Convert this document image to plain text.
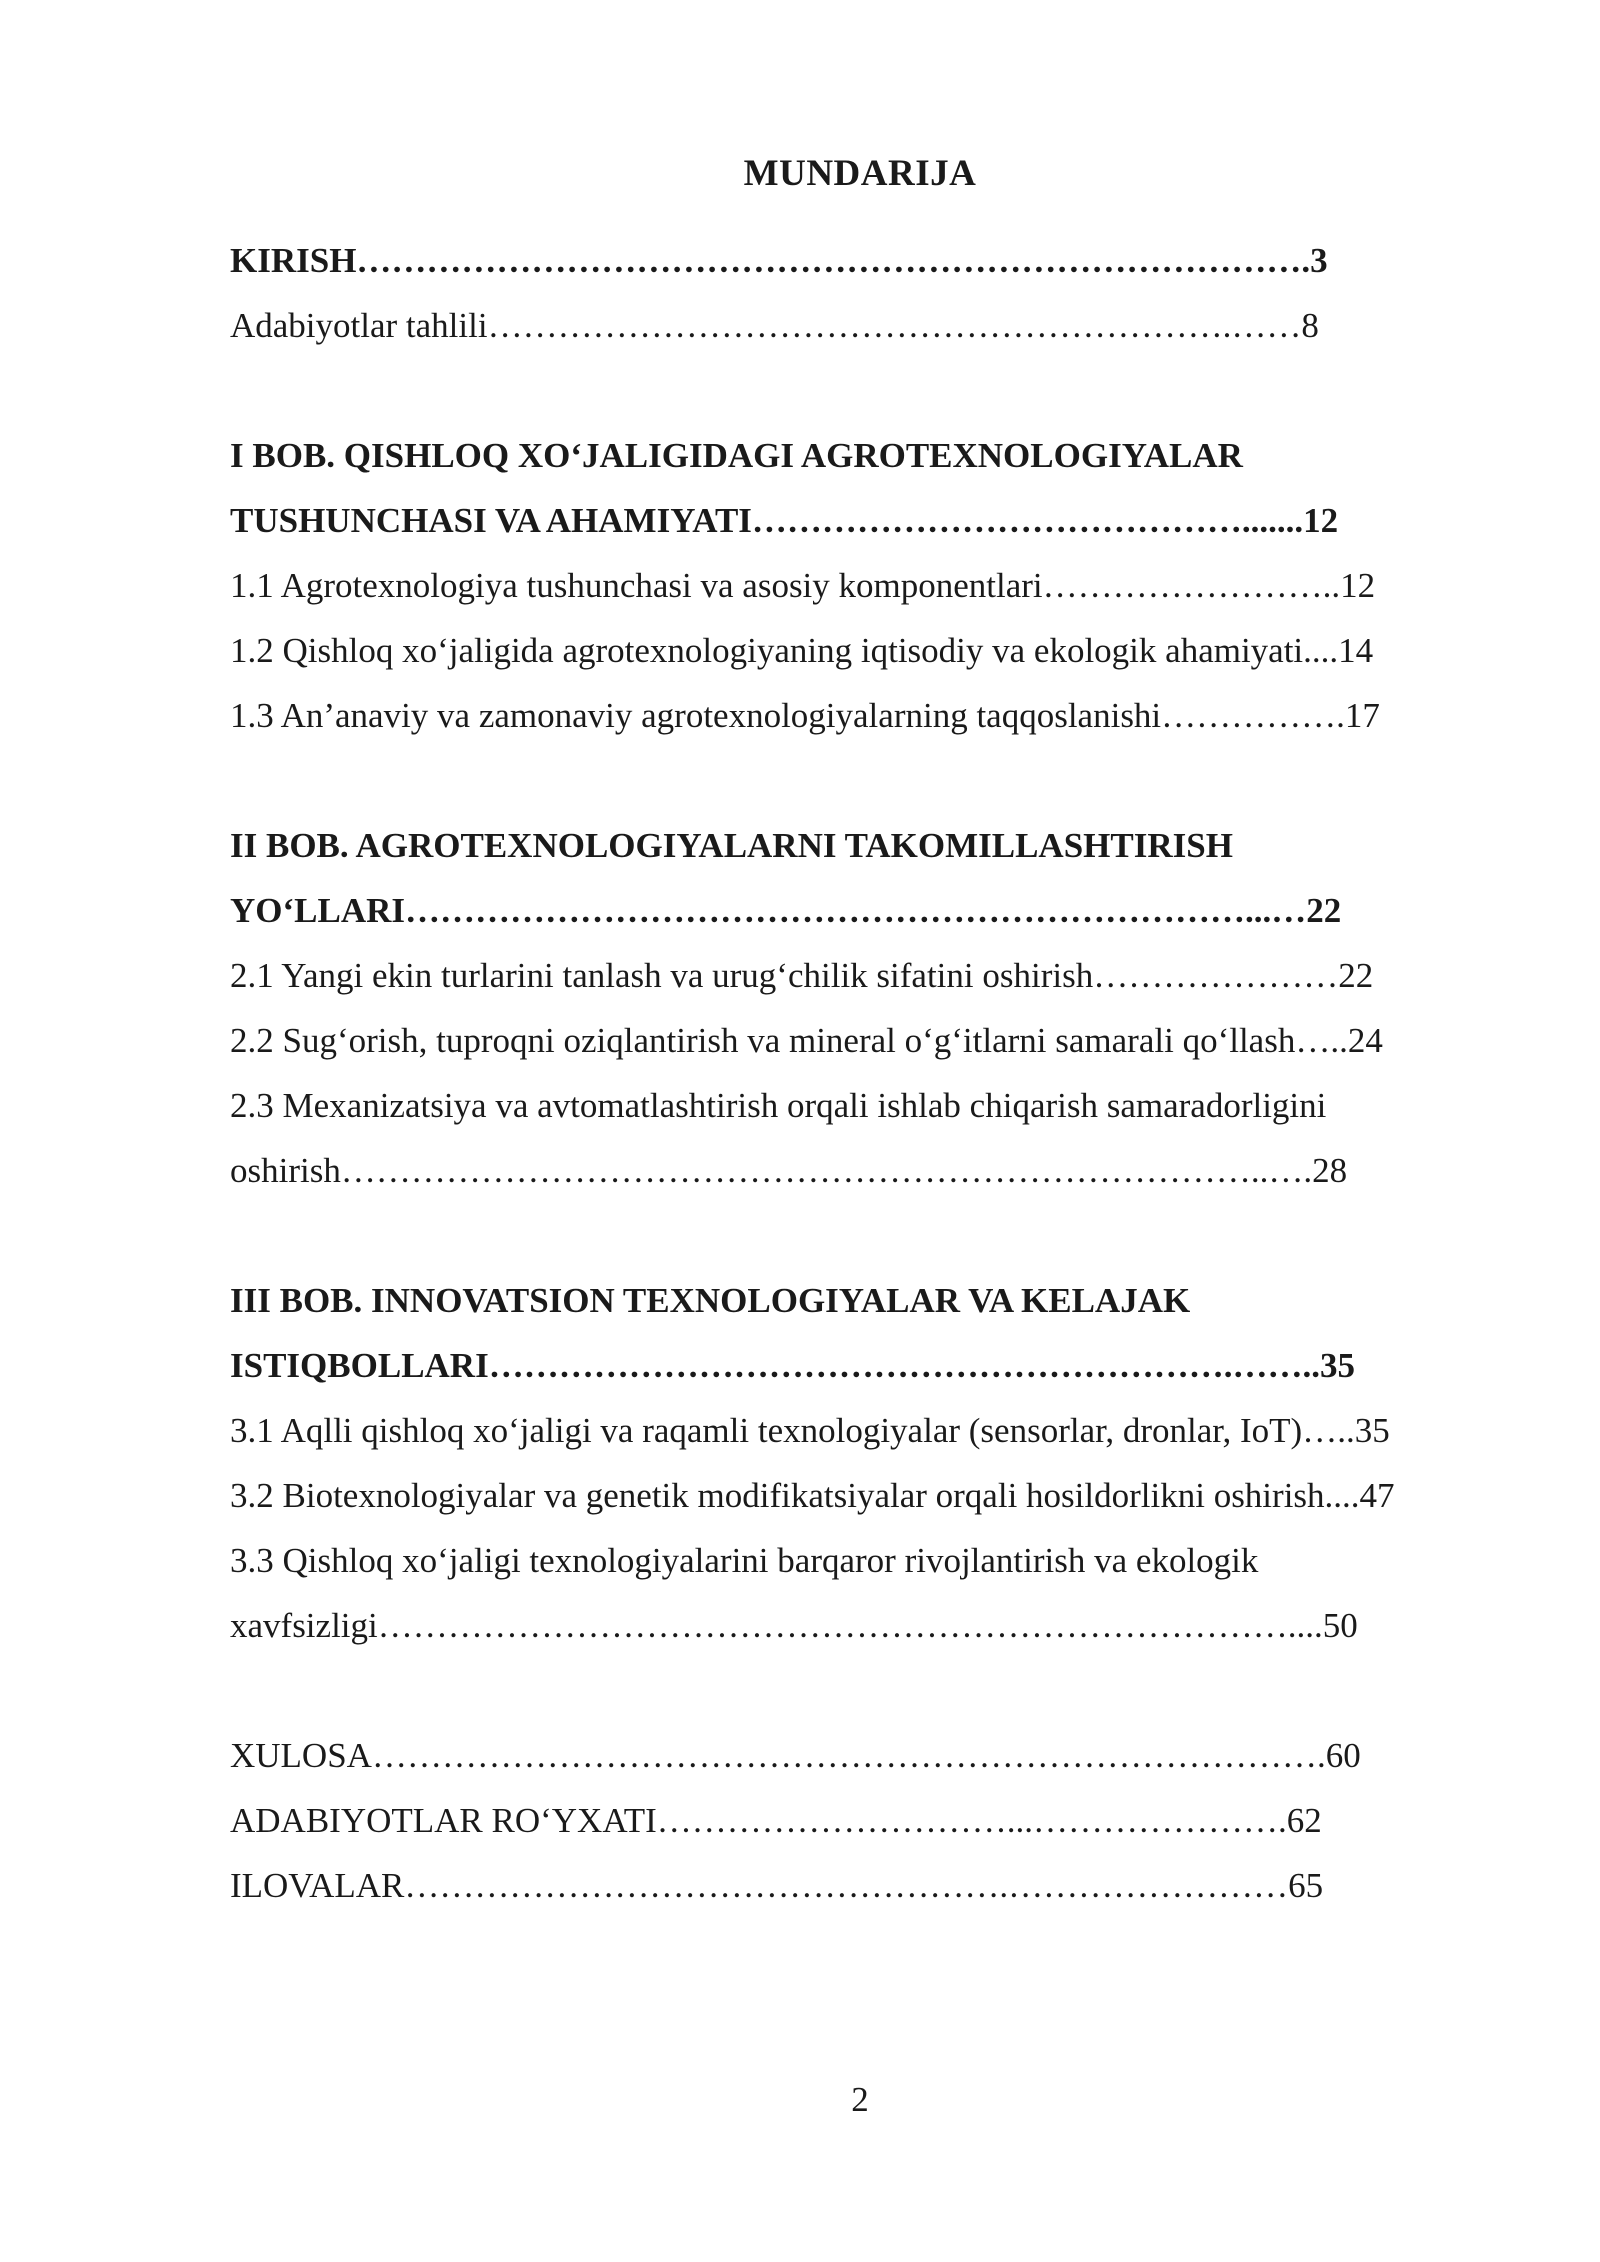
MUNDARIJA
KIRISH……………………………………………………………………….3
Adabiyotlar tahlili……………………………………………………….……8
I BOB. QISHLOQ XO‘JALIGIDAGI AGROTEXNOLOGIYALAR
TUSHUNCHASI VA AHAMIYATI…………………………………….......12
1.1 Agrotexnologiya tushunchasi va asosiy komponentlari……………………..12
1.2 Qishloq xo‘jaligida agrotexnologiyaning iqtisodiy va ekologik ahamiyati....14
1.3 An’anaviy va zamonaviy agrotexnologiyalarning taqqoslanishi…………….17
II BOB. AGROTEXNOLOGIYALARNI TAKOMILLASHTIRISH
YO‘LLARI………………………………………………………………...…22
2.1 Yangi ekin turlarini tanlash va urug‘chilik sifatini oshirish…………………22
2.2 Sug‘orish, tuproqni oziqlantirish va mineral o‘g‘itlarni samarali qo‘llash…..24
2.3 Mexanizatsiya va avtomatlashtirish orqali ishlab chiqarish samaradorligini
oshirish……………………………………………………………………..….28
III BOB. INNOVATSION TEXNOLOGIYALAR VA KELAJAK
ISTIQBOLLARI……………………………………………………….……..35
3.1 Aqlli qishloq xo‘jaligi va raqamli texnologiyalar (sensorlar, dronlar, IoT)…..35
3.2 Biotexnologiyalar va genetik modifikatsiyalar orqali hosildorlikni oshirish....47
3.3 Qishloq xo‘jaligi texnologiyalarini barqaror rivojlantirish va ekologik
xavfsizligi……………………………………………………………………....50
XULOSA……………………………………………………………………….60
ADABIYOTLAR RO‘YXATI…………………………...………………….62
ILOVALAR…………………………………………….……………………65
2
